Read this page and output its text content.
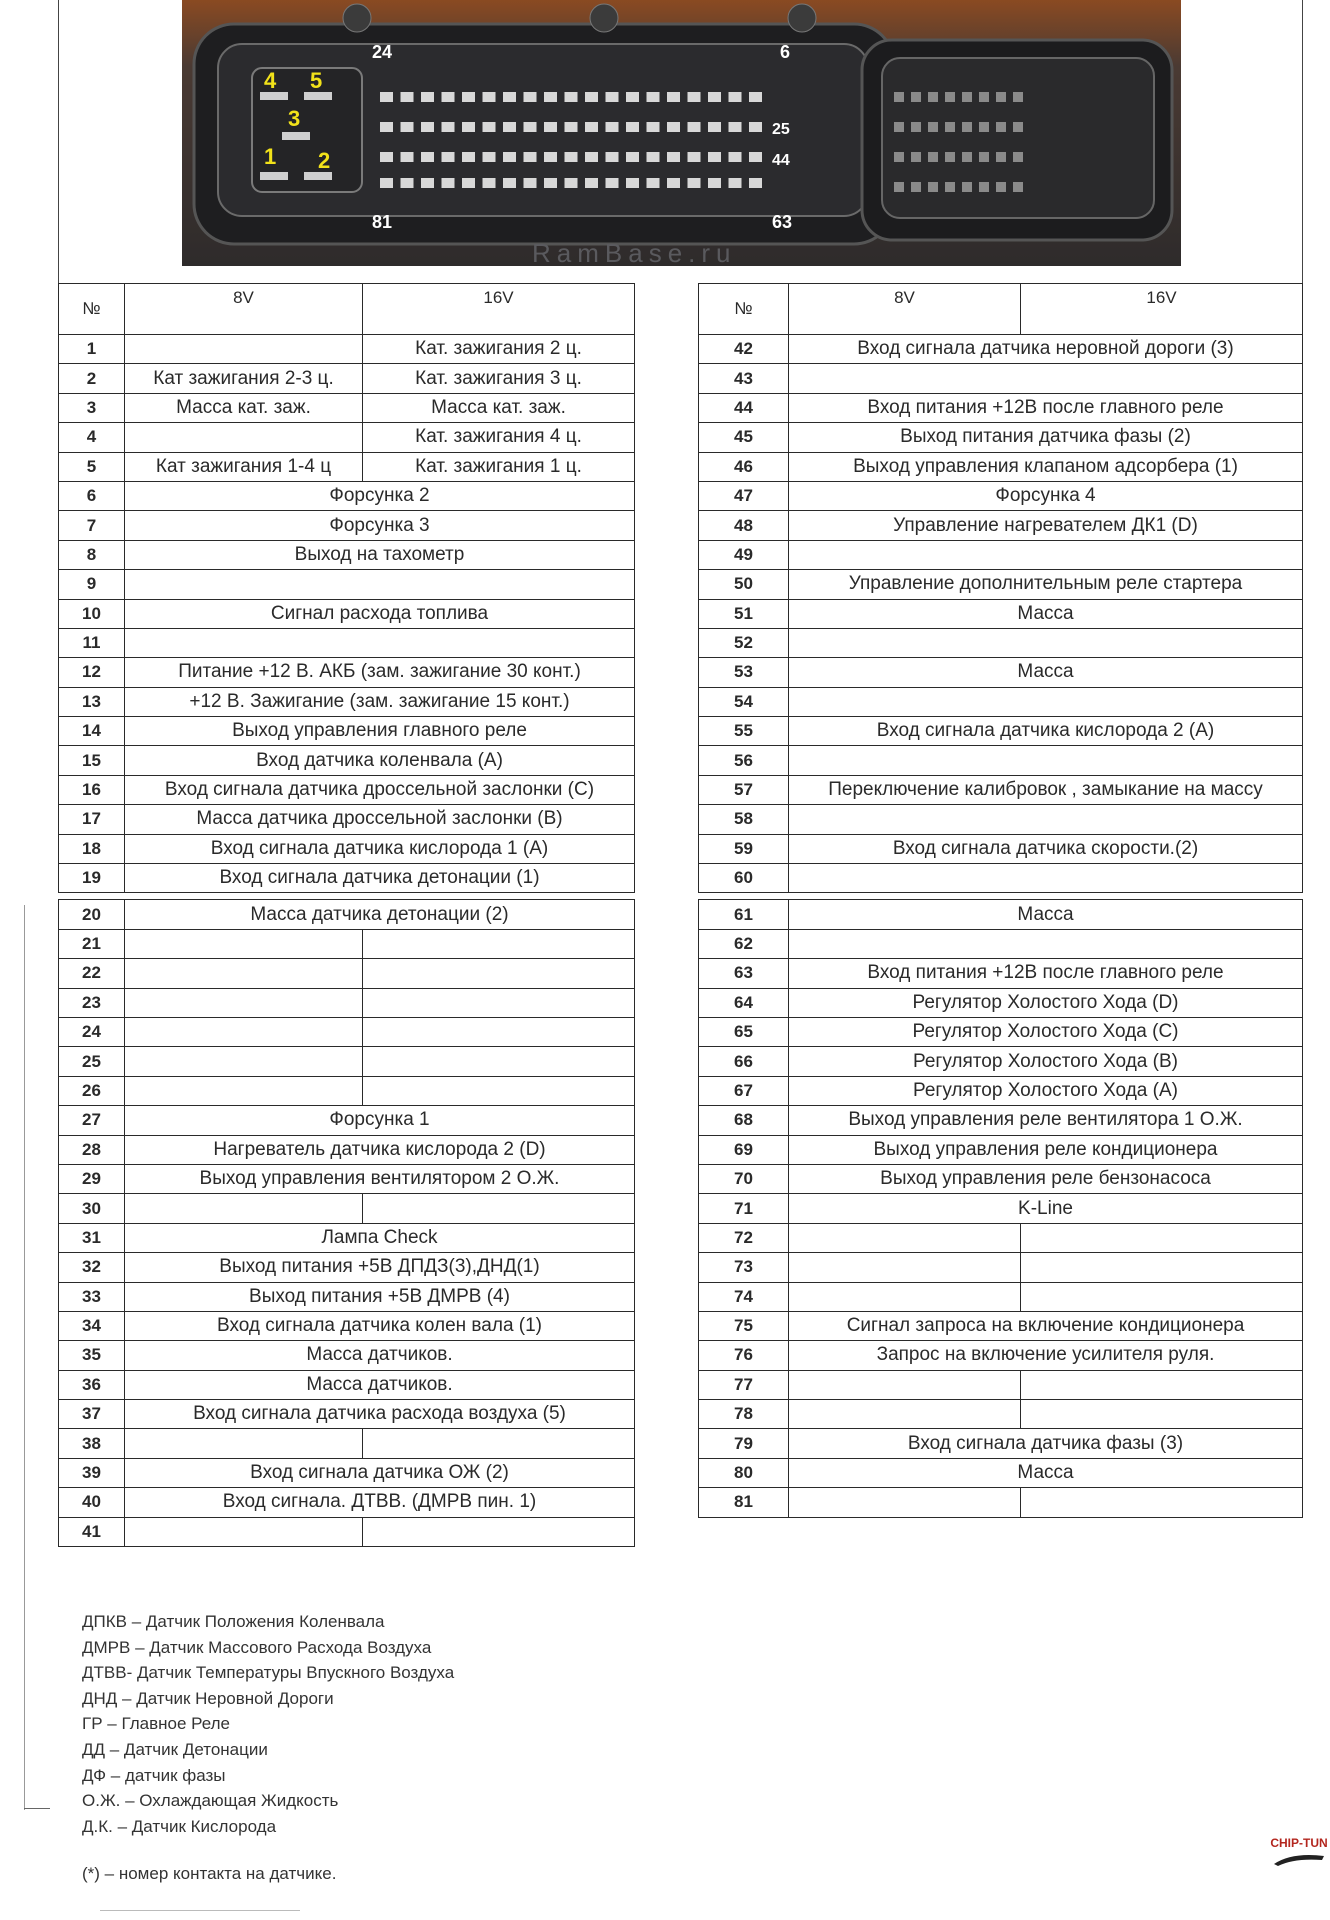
24	6
25
44
81	63
4 5
3
1 2
RamBase.ru
№	8V	16V
1		Кат. зажигания 2 ц.
2	Кат зажигания 2-3 ц.	Кат. зажигания 3 ц.
3	Масса кат. заж.	Масса кат. заж.
4		Кат. зажигания 4 ц.
5	Кат зажигания 1-4 ц	Кат. зажигания 1 ц.
6	Форсунка 2	
7	Форсунка 3	
8	Выход на тахометр	
9		
10	Сигнал расхода топлива	
11		
12	Питание +12 В. АКБ (зам. зажигание 30 конт.)	
13	+12 В. Зажигание (зам. зажигание 15 конт.)	
14	Выход управления главного реле	
15	Вход датчика коленвала (A)	
16	Вход сигнала датчика дроссельной заслонки (C)	
17	Масса датчика дроссельной заслонки (B)	
18	Вход сигнала датчика кислорода 1 (A)	
19	Вход сигнала датчика детонации (1)	

20	Масса датчика детонации (2)	
21		
22		
23		
24		
25		
26		
27	Форсунка 1	
28	Нагреватель датчика кислорода 2 (D)	
29	Выход управления вентилятором 2 О.Ж.	
30		
31	Лампа Check	
32	Выход питания +5В ДПДЗ(3),ДНД(1)	
33	Выход питания +5В ДМРВ (4)	
34	Вход сигнала датчика колен вала (1)	
35	Масса датчиков.	
36	Масса датчиков.	
37	Вход сигнала датчика расхода воздуха (5)	
38		
39	Вход сигнала датчика ОЖ (2)	
40	Вход сигнала. ДТВВ. (ДМРВ пин. 1)	
41		
№	8V	16V
42	Вход сигнала датчика неровной дороги (3)	
43		
44	Вход питания +12В после главного реле	
45	Выход питания датчика фазы (2)	
46	Выход управления клапаном адсорбера (1)	
47	Форсунка 4	
48	Управление нагревателем ДК1 (D)	
49		
50	Управление дополнительным реле стартера	
51	Масса	
52		
53	Масса	
54		
55	Вход сигнала датчика кислорода 2 (A)	
56		
57	Переключение калибровок , замыкание на массу	
58		
59	Вход сигнала датчика скорости.(2)	
60		

61	Масса	
62		
63	Вход питания +12В после главного реле	
64	Регулятор Холостого Хода (D)	
65	Регулятор Холостого Хода (C)	
66	Регулятор Холостого Хода (B)	
67	Регулятор Холостого Хода (A)	
68	Выход управления реле вентилятора 1 О.Ж.	
69	Выход управления реле кондиционера	
70	Выход управления реле бензонасоса	
71	K-Line	
72		
73		
74		
75	Сигнал запроса на включение кондиционера	
76	Запрос на включение усилителя руля.	
77		
78		
79	Вход сигнала датчика фазы (3)	
80	Масса	
81		
ДПКВ – Датчик Положения Коленвала
ДМРВ – Датчик Массового Расхода Воздуха
ДТВВ- Датчик Температуры Впускного Воздуха
ДНД – Датчик Неровной Дороги
ГР – Главное Реле
ДД – Датчик Детонации
ДФ – датчик фазы
О.Ж. – Охлаждающая Жидкость
Д.К. – Датчик Кислорода
(*) – номер контакта на датчике.
CHIP-TUN
